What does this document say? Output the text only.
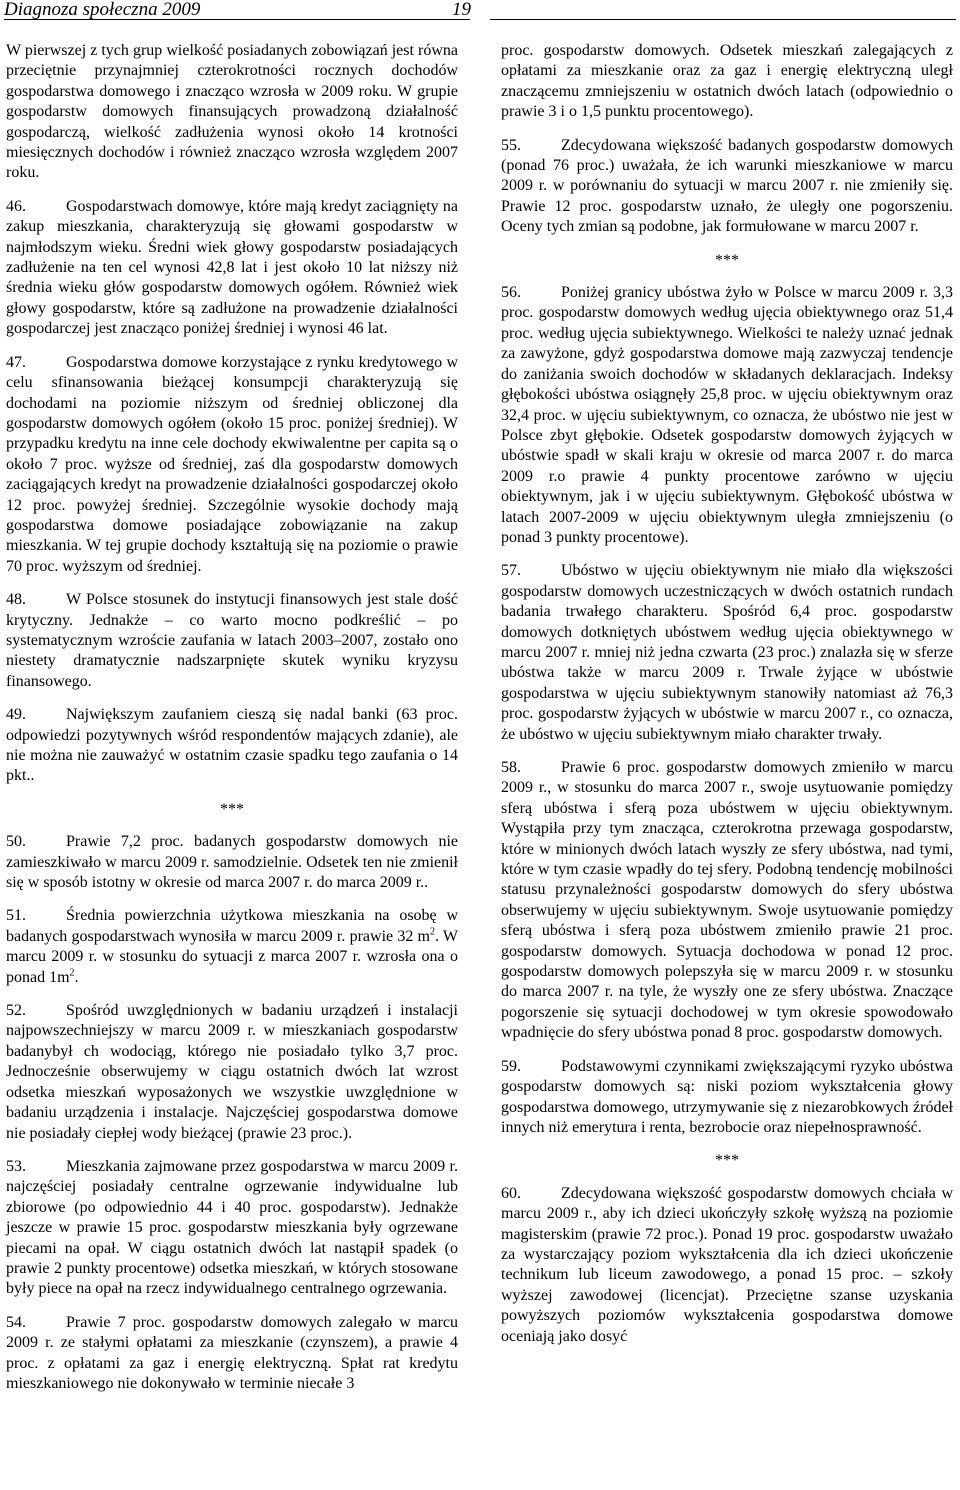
Diagnoza społeczna 2009	19

W pierwszej z tych grup wielkość posiadanych zobowiązań jest równa przeciętnie przynajmniej czterokrotności rocznych dochodów gospodarstwa domowego i znacząco wzrosła w 2009 roku. W grupie gospodarstw domowych finansujących prowadzoną działalność gospodarczą, wielkość zadłużenia wynosi około 14 krotności miesięcznych dochodów i również znacząco wzrosła względem 2007 roku.

46.	Gospodarstwach domowye, które mają kredyt zaciągnięty na zakup mieszkania, charakteryzują się głowami gospodarstw w najmłodszym wieku. Średni wiek głowy gospodarstw posiadających zadłużenie na ten cel wynosi 42,8 lat i jest około 10 lat niższy niż średnia wieku głów gospodarstw domowych ogółem. Również wiek głowy gospodarstw, które są zadłużone na prowadzenie działalności gospodarczej jest znacząco poniżej średniej i wynosi 46 lat.

47.	Gospodarstwa domowe korzystające z rynku kredytowego w celu sfinansowania bieżącej konsumpcji charakteryzują się dochodami na poziomie niższym od średniej obliczonej dla gospodarstw domowych ogółem (około 15 proc. poniżej średniej). W przypadku kredytu na inne cele dochody ekwiwalentne per capita są o około 7 proc. wyższe od średniej, zaś dla gospodarstw domowych zaciągających kredyt na prowadzenie działalności gospodarczej około 12 proc. powyżej średniej. Szczególnie wysokie dochody mają gospodarstwa domowe posiadające zobowiązanie na zakup mieszkania. W tej grupie dochody kształtują się na poziomie o prawie 70 proc. wyższym od średniej.

48.	W Polsce stosunek do instytucji finansowych jest stale dość krytyczny. Jednakże – co warto mocno podkreślić – po systematycznym wzroście zaufania w latach 2003–2007, zostało ono niestety dramatycznie nadszarpnięte skutek wyniku kryzysu finansowego.

49.	Największym zaufaniem cieszą się nadal banki (63 proc. odpowiedzi pozytywnych wśród respondentów mających zdanie), ale nie można nie zauważyć w ostatnim czasie spadku tego zaufania o 14 pkt..

***

50.	Prawie 7,2 proc. badanych gospodarstw domowych nie zamieszkiwało w marcu 2009 r. samodzielnie. Odsetek ten nie zmienił się w sposób istotny w okresie od marca 2007 r. do marca 2009 r..

51.	Średnia powierzchnia użytkowa mieszkania na osobę w badanych gospodarstwach wynosiła w marcu 2009 r. prawie 32 $m^2$. W marcu 2009 r. w stosunku do sytuacji z marca 2007 r. wzrosła ona o ponad $1m^2$.

52.	Spośród uwzględnionych w badaniu urządzeń i instalacji najpowszechniejszy w marcu 2009 r. w mieszkaniach gospodarstw badanybył ch wodociąg, którego nie posiadało tylko 3,7 proc. Jednocześnie obserwujemy w ciągu ostatnich dwóch lat wzrost odsetka mieszkań wyposażonych we wszystkie uwzględnione w badaniu urządzenia i instalacje. Najczęściej gospodarstwa domowe nie posiadały ciepłej wody bieżącej (prawie 23 proc.).

53.	Mieszkania zajmowane przez gospodarstwa w marcu 2009 r. najczęściej posiadały centralne ogrzewanie indywidualne lub zbiorowe (po odpowiednio 44 i 40 proc. gospodarstw). Jednakże jeszcze w prawie 15 proc. gospodarstw mieszkania były ogrzewane piecami na opał. W ciągu ostatnich dwóch lat nastąpił spadek (o prawie 2 punkty procentowe) odsetka mieszkań, w których stosowane były piece na opał na rzecz indywidualnego centralnego ogrzewania.

54.	Prawie 7 proc. gospodarstw domowych zalegało w marcu 2009 r. ze stałymi opłatami za mieszkanie (czynszem), a prawie 4 proc. z opłatami za gaz i energię elektryczną. Spłat rat kredytu mieszkaniowego nie dokonywało w terminie niecałe 3

proc. gospodarstw domowych. Odsetek mieszkań zalegających z opłatami za mieszkanie oraz za gaz i energię elektryczną uległ znaczącemu zmniejszeniu w ostatnich dwóch latach (odpowiednio o prawie 3 i o 1,5 punktu procentowego).

55.	Zdecydowana większość badanych gospodarstw domowych (ponad 76 proc.) uważała, że ich warunki mieszkaniowe w marcu 2009 r. w porównaniu do sytuacji w marcu 2007 r. nie zmieniły się. Prawie 12 proc. gospodarstw uznało, że uległy one pogorszeniu. Oceny tych zmian są podobne, jak formułowane w marcu 2007 r.

***

56.	Poniżej granicy ubóstwa żyło w Polsce w marcu 2009 r. 3,3 proc. gospodarstw domowych według ujęcia obiektywnego oraz 51,4 proc. według ujęcia subiektywnego. Wielkości te należy uznać jednak za zawyżone, gdyż gospodarstwa domowe mają zazwyczaj tendencje do zaniżania swoich dochodów w składanych deklaracjach. Indeksy głębokości ubóstwa osiągnęły 25,8 proc. w ujęciu obiektywnym oraz 32,4 proc. w ujęciu subiektywnym, co oznacza, że ubóstwo nie jest w Polsce zbyt głębokie. Odsetek gospodarstw domowych żyjących w ubóstwie spadł w skali kraju w okresie od marca 2007 r. do marca 2009 r.o prawie 4 punkty procentowe zarówno w ujęciu obiektywnym, jak i w ujęciu subiektywnym. Głębokość ubóstwa w latach 2007-2009 w ujęciu obiektywnym uległa zmniejszeniu (o ponad 3 punkty procentowe).

57.	Ubóstwo w ujęciu obiektywnym nie miało dla większości gospodarstw domowych uczestniczących w dwóch ostatnich rundach badania trwałego charakteru. Spośród 6,4 proc. gospodarstw domowych dotkniętych ubóstwem według ujęcia obiektywnego w marcu 2007 r. mniej niż jedna czwarta (23 proc.) znalazła się w sferze ubóstwa także w marcu 2009 r. Trwale żyjące w ubóstwie gospodarstwa w ujęciu subiektywnym stanowiły natomiast aż 76,3 proc. gospodarstw żyjących w ubóstwie w marcu 2007 r., co oznacza, że ubóstwo w ujęciu subiektywnym miało charakter trwały.

58.	Prawie 6 proc. gospodarstw domowych zmieniło w marcu 2009 r., w stosunku do marca 2007 r., swoje usytuowanie pomiędzy sferą ubóstwa i sferą poza ubóstwem w ujęciu obiektywnym. Wystąpiła przy tym znacząca, czterokrotna przewaga gospodarstw, które w minionych dwóch latach wyszły ze sfery ubóstwa, nad tymi, które w tym czasie wpadły do tej sfery. Podobną tendencję mobilności statusu przynależności gospodarstw domowych do sfery ubóstwa obserwujemy w ujęciu subiektywnym. Swoje usytuowanie pomiędzy sferą ubóstwa i sferą poza ubóstwem zmieniło prawie 21 proc. gospodarstw domowych. Sytuacja dochodowa w ponad 12 proc. gospodarstw domowych polepszyła się w marcu 2009 r. w stosunku do marca 2007 r. na tyle, że wyszły one ze sfery ubóstwa. Znaczące pogorszenie się sytuacji dochodowej w tym okresie spowodowało wpadnięcie do sfery ubóstwa ponad 8 proc. gospodarstw domowych.

59.	Podstawowymi czynnikami zwiększającymi ryzyko ubóstwa gospodarstw domowych są: niski poziom wykształcenia głowy gospodarstwa domowego, utrzymywanie się z niezarobkowych źródeł innych niż emerytura i renta, bezrobocie oraz niepełnosprawność.

***

60.	Zdecydowana większość gospodarstw domowych chciała w marcu 2009 r., aby ich dzieci ukończyły szkołę wyższą na poziomie magisterskim (prawie 72 proc.). Ponad 19 proc. gospodarstw uważało za wystarczający poziom wykształcenia dla ich dzieci ukończenie technikum lub liceum zawodowego, a ponad 15 proc. – szkoły wyższej zawodowej (licencjat). Przeciętne szanse uzyskania powyższych poziomów wykształcenia gospodarstwa domowe oceniają jako dosyć
